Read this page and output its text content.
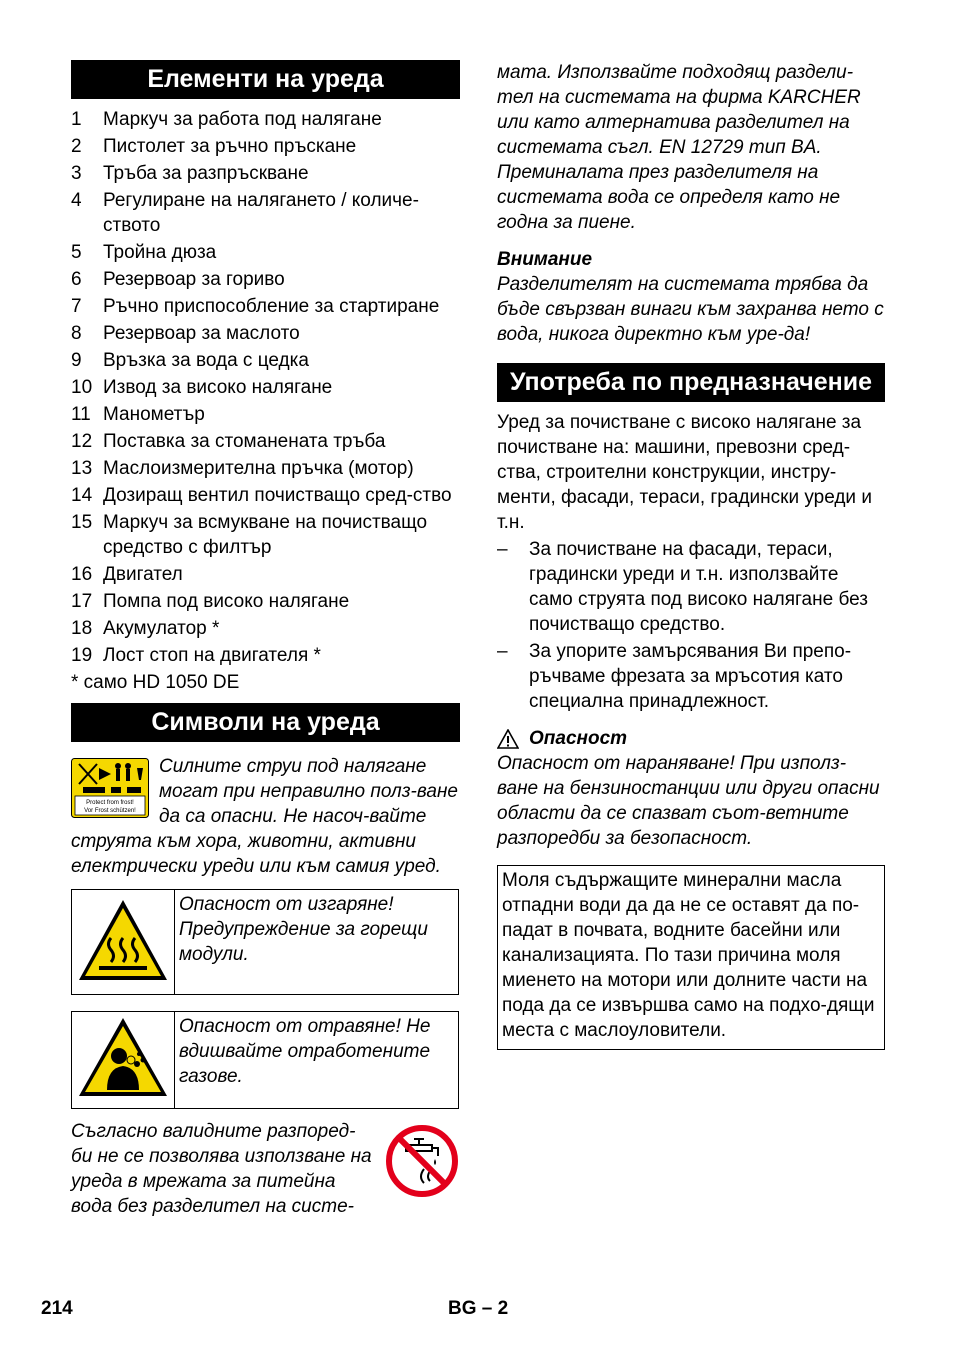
Елементи на уреда
1	Маркуч за работа под налягане
2	Пистолет за ръчно пръскане
3	Тръба за разпръскване
4	Регулиране на налягането / количе-ството
5	Тройна дюза
6	Резервоар за гориво
7	Ръчно приспособление за стартиране
8	Резервоар за маслото
9	Връзка за вода с цедка
10 Извод за високо налягане
11 Манометър
12 Поставка за стоманената тръба
13 Маслоизмерителна пръчка (мотор)
14 Дозиращ вентил почистващо сред-ство
15 Маркуч за всмукване на почистващо средство с филтър
16 Двигател
17 Помпа под високо налягане
18 Акумулатор *
19 Лост стоп на двигателя *
* само HD 1050 DE
Символи на уреда
Protect from frost!
Vor Frost schützen!
Силните струи под налягане могат при неправилно полз-ване да са опасни. Не насоч-вайте струята към хора, животни, активни електрически уреди или към самия уред.
	Опасност от изгаряне! Предупреждение за горещи модули.
	Опасност от отравяне! Не вдишвайте отработените газове.
Съгласно валидните разпоред-би не се позволява използване на уреда в мрежата за питейна вода без разделител на систе-
мата. Използвайте подходящ раздели-тел на системата на фирма KARCHER или като алтернатива разделител на системата съгл. EN 12729 тип BA. Преминалата през разделителя на системата вода се определя като не годна за пиене.
Внимание
Разделителят на системата трябва да бъде свързван винаги към захранва нето с вода, никога директно към уре-да!
Употреба по предназначение
Уред за почистване с високо налягане за почистване на: машини, превозни сред-ства, строителни конструкции, инстру-менти, фасади, тераси, градински уреди и т.н.
–	За почистване на фасади, тераси, градински уреди и т.н. използвайте само струята под високо налягане без почистващо средство.
–	За упорите замърсявания Ви препо-ръчваме фрезата за мръсотия като специална принадлежност.
Опасност
Опасност от нараняване! При използ-ване на бензиностанции или други опасни области да се спазват съот-ветните разпоредби за безопасност.
Моля съдържащите минерални масла отпадни води да да не се оставят да по-падат в почвата, водните басейни или канализацията. По тази причина моля миенето на мотори или долните части на пода да се извършва само на подхо-дящи места с маслоуловители.
214	BG – 2
